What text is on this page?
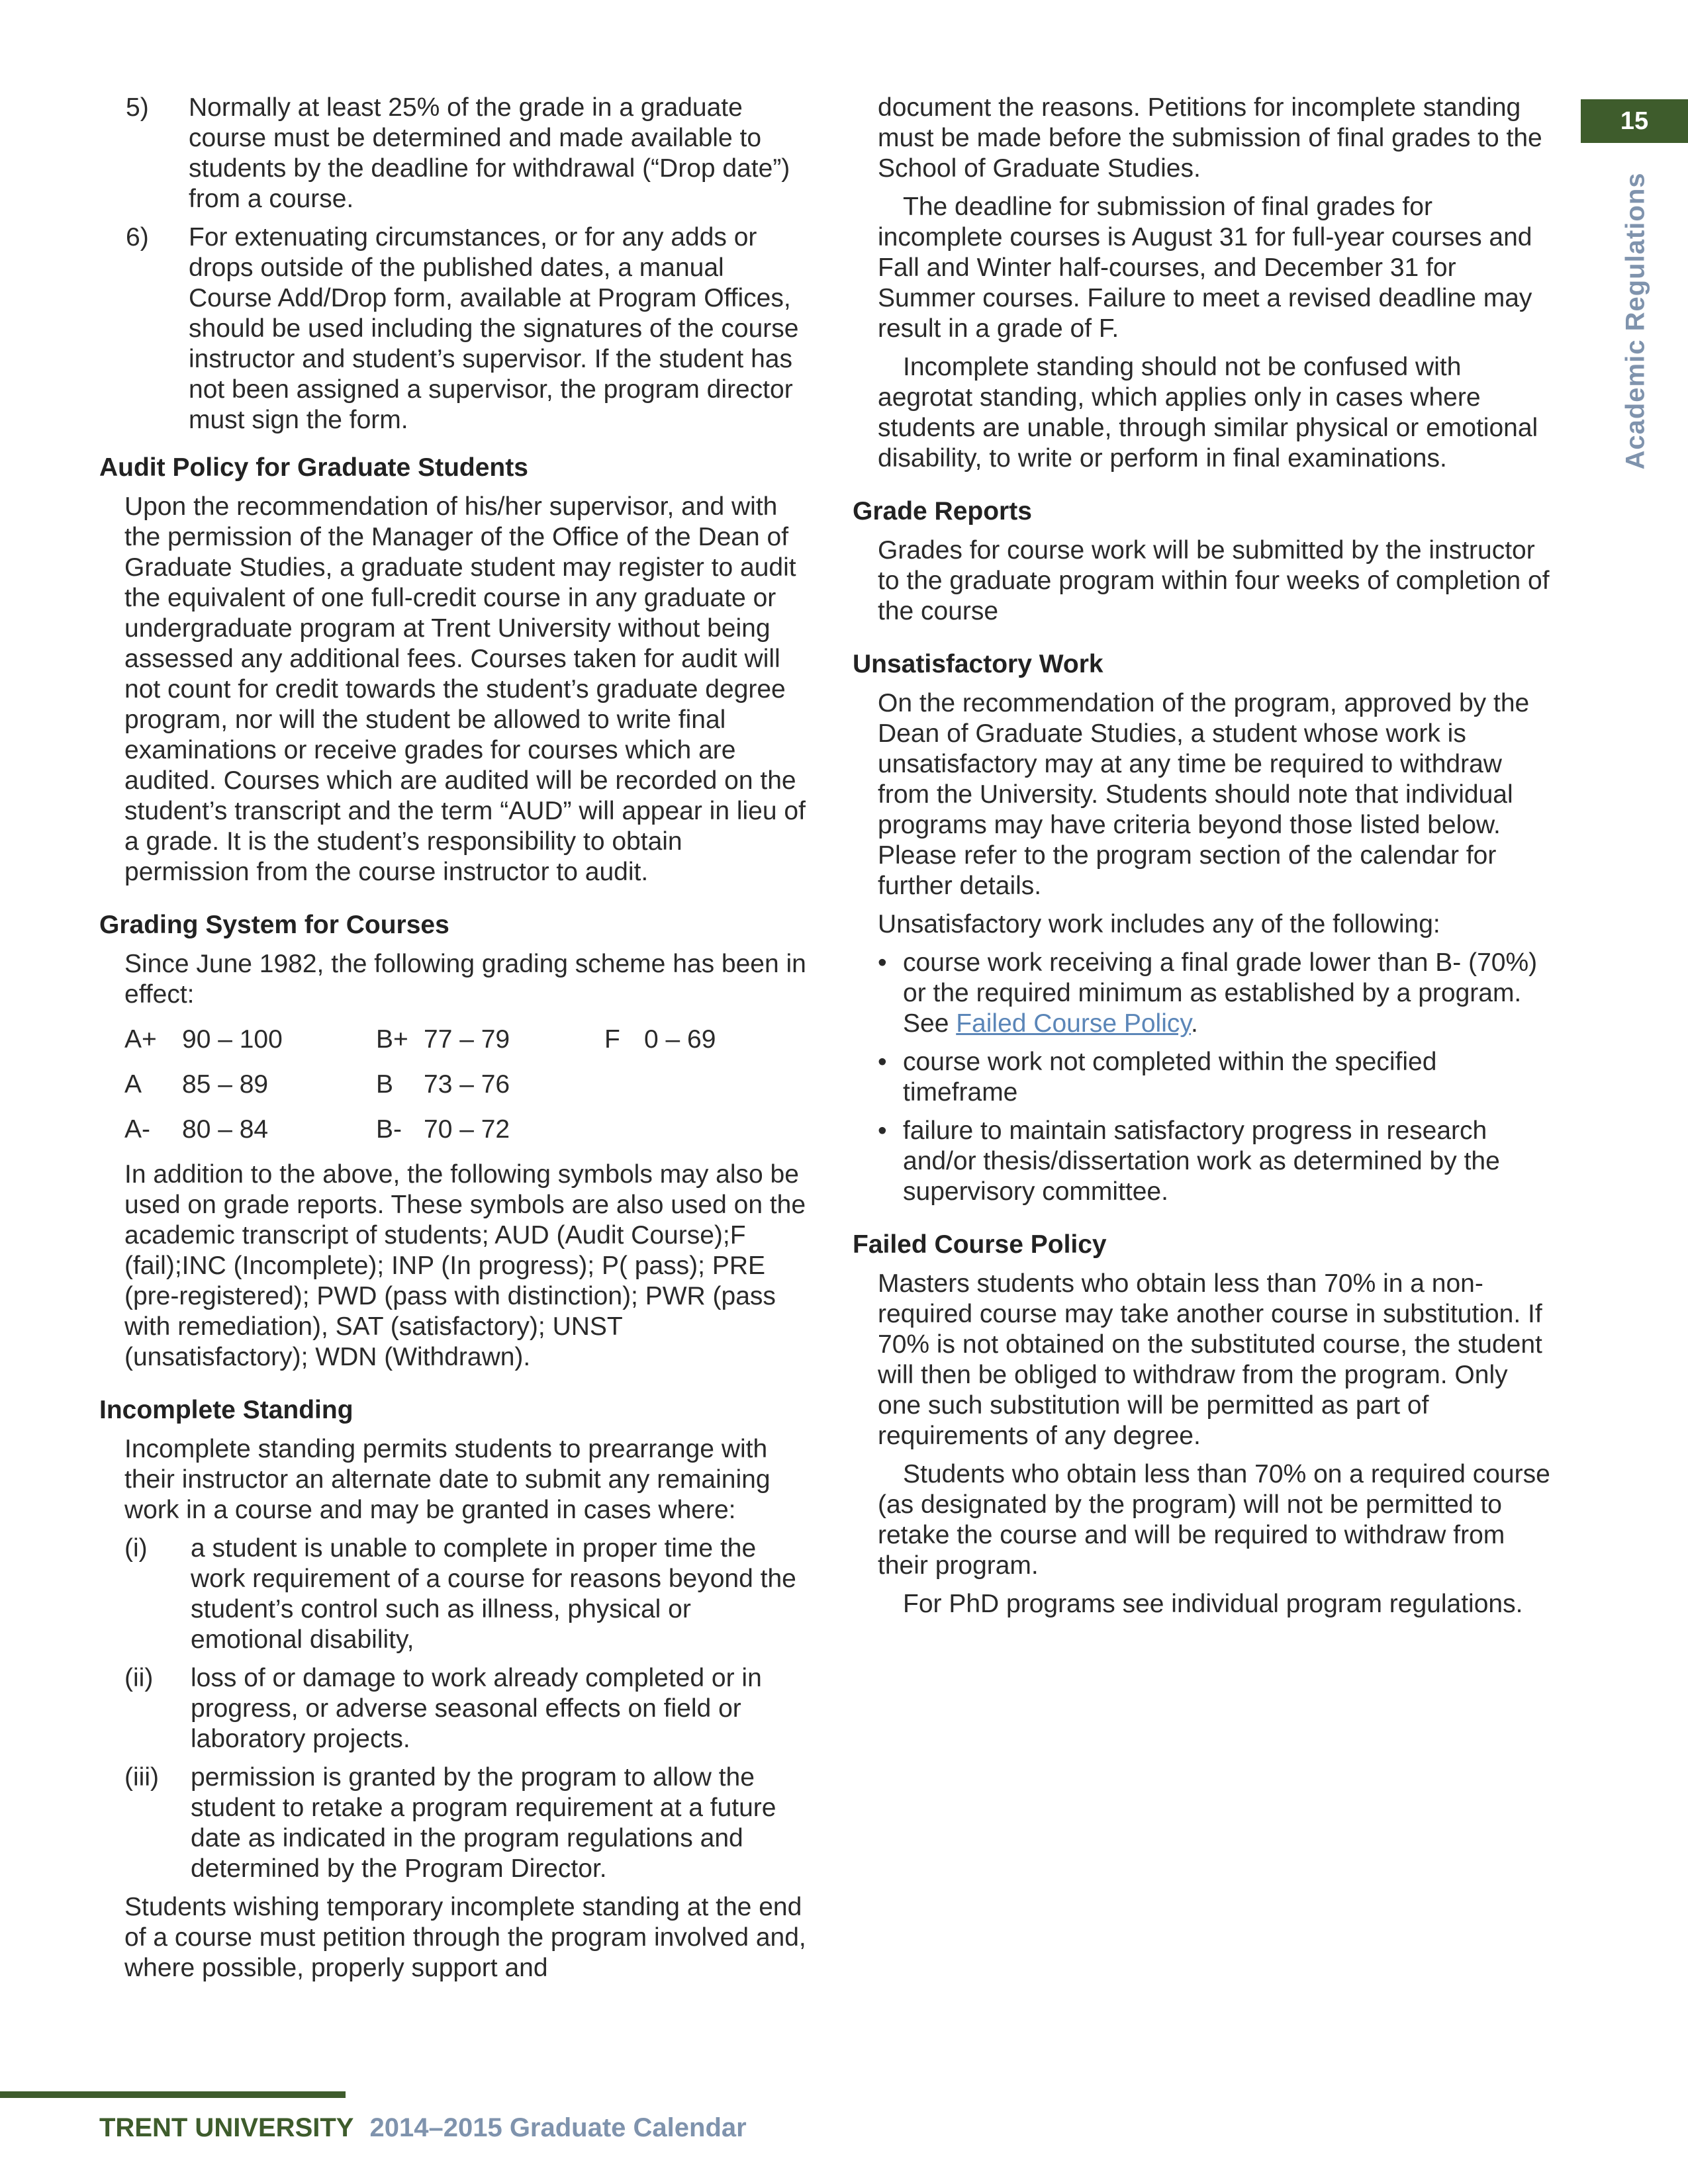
15
Academic Regulations
5)	Normally at least 25% of the grade in a graduate course must be determined and made available to students by the deadline for withdrawal (“Drop date”) from a course.
6)	For extenuating circumstances, or for any adds or drops outside of the published dates, a manual Course Add/Drop form, available at Program Offices, should be used including the signatures of the course instructor and student’s supervisor. If the student has not been assigned a supervisor, the program director must sign the form.

Audit Policy for Graduate Students

Upon the recommendation of his/her supervisor, and with the permission of the Manager of the Office of the Dean of Graduate Studies, a graduate student may register to audit the equivalent of one full-credit course in any graduate or undergraduate program at Trent University without being assessed any additional fees. Courses taken for audit will not count for credit towards the student’s graduate degree program, nor will the student be allowed to write final examinations or receive grades for courses which are audited. Courses which are audited will be recorded on the student’s transcript and the term “AUD” will appear in lieu of a grade. It is the student’s responsibility to obtain permission from the course instructor to audit.

Grading System for Courses

Since June 1982, the following grading scheme has been in effect:

A+ 90 – 100	B+ 77 – 79	F 0 – 69
A	85 – 89	B	73 – 76
A-	80 – 84	B- 70 – 72

In addition to the above, the following symbols may also be used on grade reports. These symbols are also used on the academic transcript of students; AUD (Audit Course);F (fail);INC (Incomplete); INP (In progress); P( pass); PRE (pre-registered); PWD (pass with distinction); PWR (pass with remediation), SAT (satisfactory); UNST (unsatisfactory); WDN (Withdrawn).

Incomplete Standing

Incomplete standing permits students to prearrange with their instructor an alternate date to submit any remaining work in a course and may be granted in cases where:

(i)	a student is unable to complete in proper time the work requirement of a course for reasons beyond the student’s control such as illness, physical or emotional disability,
(ii)	loss of or damage to work already completed or in progress, or adverse seasonal effects on field or laboratory projects.
(iii)	permission is granted by the program to allow the student to retake a program requirement at a future date as indicated in the program regulations and determined by the Program Director.

Students wishing temporary incomplete standing at the end of a course must petition through the program involved and, where possible, properly support and

document the reasons. Petitions for incomplete standing must be made before the submission of final grades to the School of Graduate Studies.

The deadline for submission of final grades for incomplete courses is August 31 for full-year courses and Fall and Winter half-courses, and December 31 for Summer courses. Failure to meet a revised deadline may result in a grade of F.

Incomplete standing should not be confused with aegrotat standing, which applies only in cases where students are unable, through similar physical or emotional disability, to write or perform in final examinations.

Grade Reports

Grades for course work will be submitted by the instructor to the graduate program within four weeks of completion of the course

Unsatisfactory Work

On the recommendation of the program, approved by the Dean of Graduate Studies, a student whose work is unsatisfactory may at any time be required to withdraw from the University. Students should note that individual programs may have criteria beyond those listed below. Please refer to the program section of the calendar for further details.

Unsatisfactory work includes any of the following:

• course work receiving a final grade lower than B- (70%) or the required minimum as established by a program. See Failed Course Policy.
• course work not completed within the specified timeframe
• failure to maintain satisfactory progress in research and/or thesis/dissertation work as determined by the supervisory committee.

Failed Course Policy

Masters students who obtain less than 70% in a non-required course may take another course in substitution. If 70% is not obtained on the substituted course, the student will then be obliged to withdraw from the program. Only one such substitution will be permitted as part of requirements of any degree.

Students who obtain less than 70% on a required course (as designated by the program) will not be permitted to retake the course and will be required to withdraw from their program.

For PhD programs see individual program regulations.

TRENT UNIVERSITY 2014–2015 Graduate Calendar
